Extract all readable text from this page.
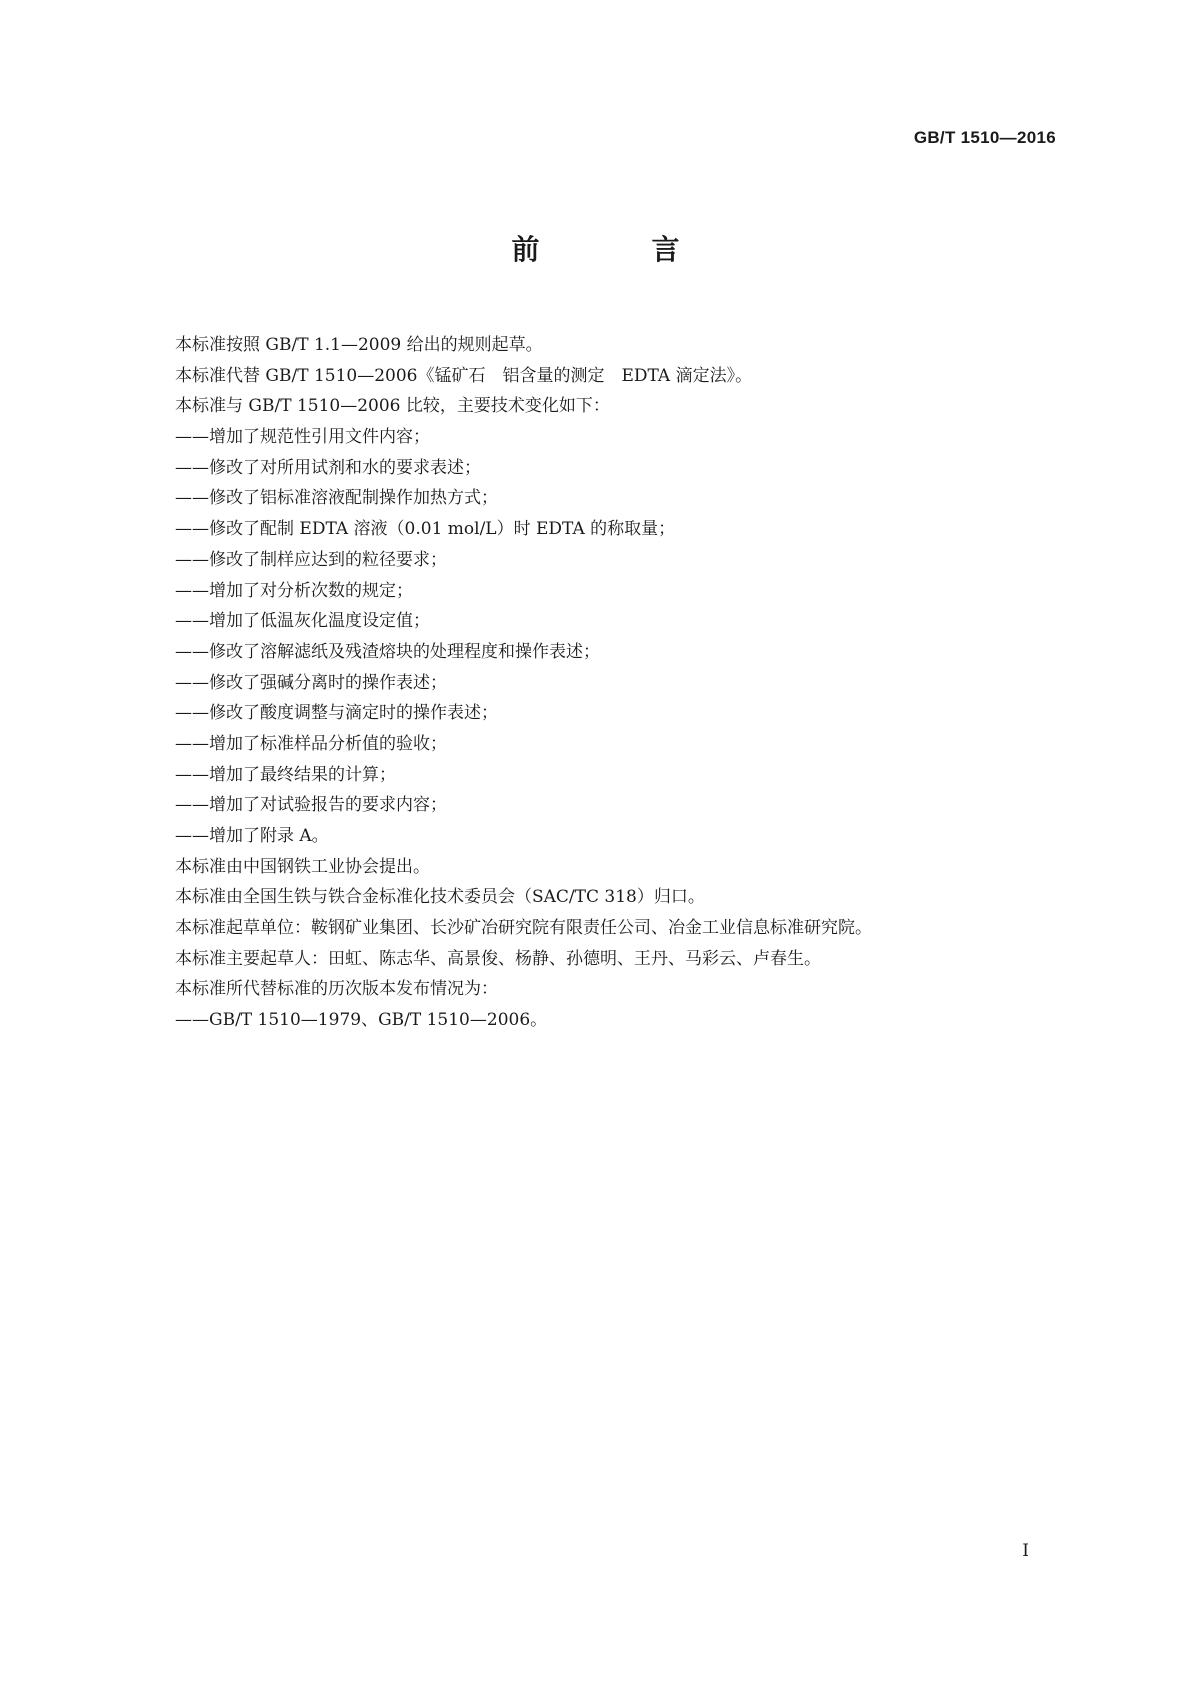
GB/T 1510—2016
前　言
本标准按照 GB/T 1.1—2009 给出的规则起草。
本标准代替 GB/T 1510—2006《锰矿石　铝含量的测定　EDTA 滴定法》。
本标准与 GB/T 1510—2006 比较，主要技术变化如下：
——增加了规范性引用文件内容；
——修改了对所用试剂和水的要求表述；
——修改了铝标准溶液配制操作加热方式；
——修改了配制 EDTA 溶液（0.01 mol/L）时 EDTA 的称取量；
——修改了制样应达到的粒径要求；
——增加了对分析次数的规定；
——增加了低温灰化温度设定值；
——修改了溶解滤纸及残渣熔块的处理程度和操作表述；
——修改了强碱分离时的操作表述；
——修改了酸度调整与滴定时的操作表述；
——增加了标准样品分析值的验收；
——增加了最终结果的计算；
——增加了对试验报告的要求内容；
——增加了附录 A。
本标准由中国钢铁工业协会提出。
本标准由全国生铁与铁合金标准化技术委员会（SAC/TC 318）归口。
本标准起草单位：鞍钢矿业集团、长沙矿冶研究院有限责任公司、冶金工业信息标准研究院。
本标准主要起草人：田虹、陈志华、高景俊、杨静、孙德明、王丹、马彩云、卢春生。
本标准所代替标准的历次版本发布情况为：
——GB/T 1510—1979、GB/T 1510—2006。
I
